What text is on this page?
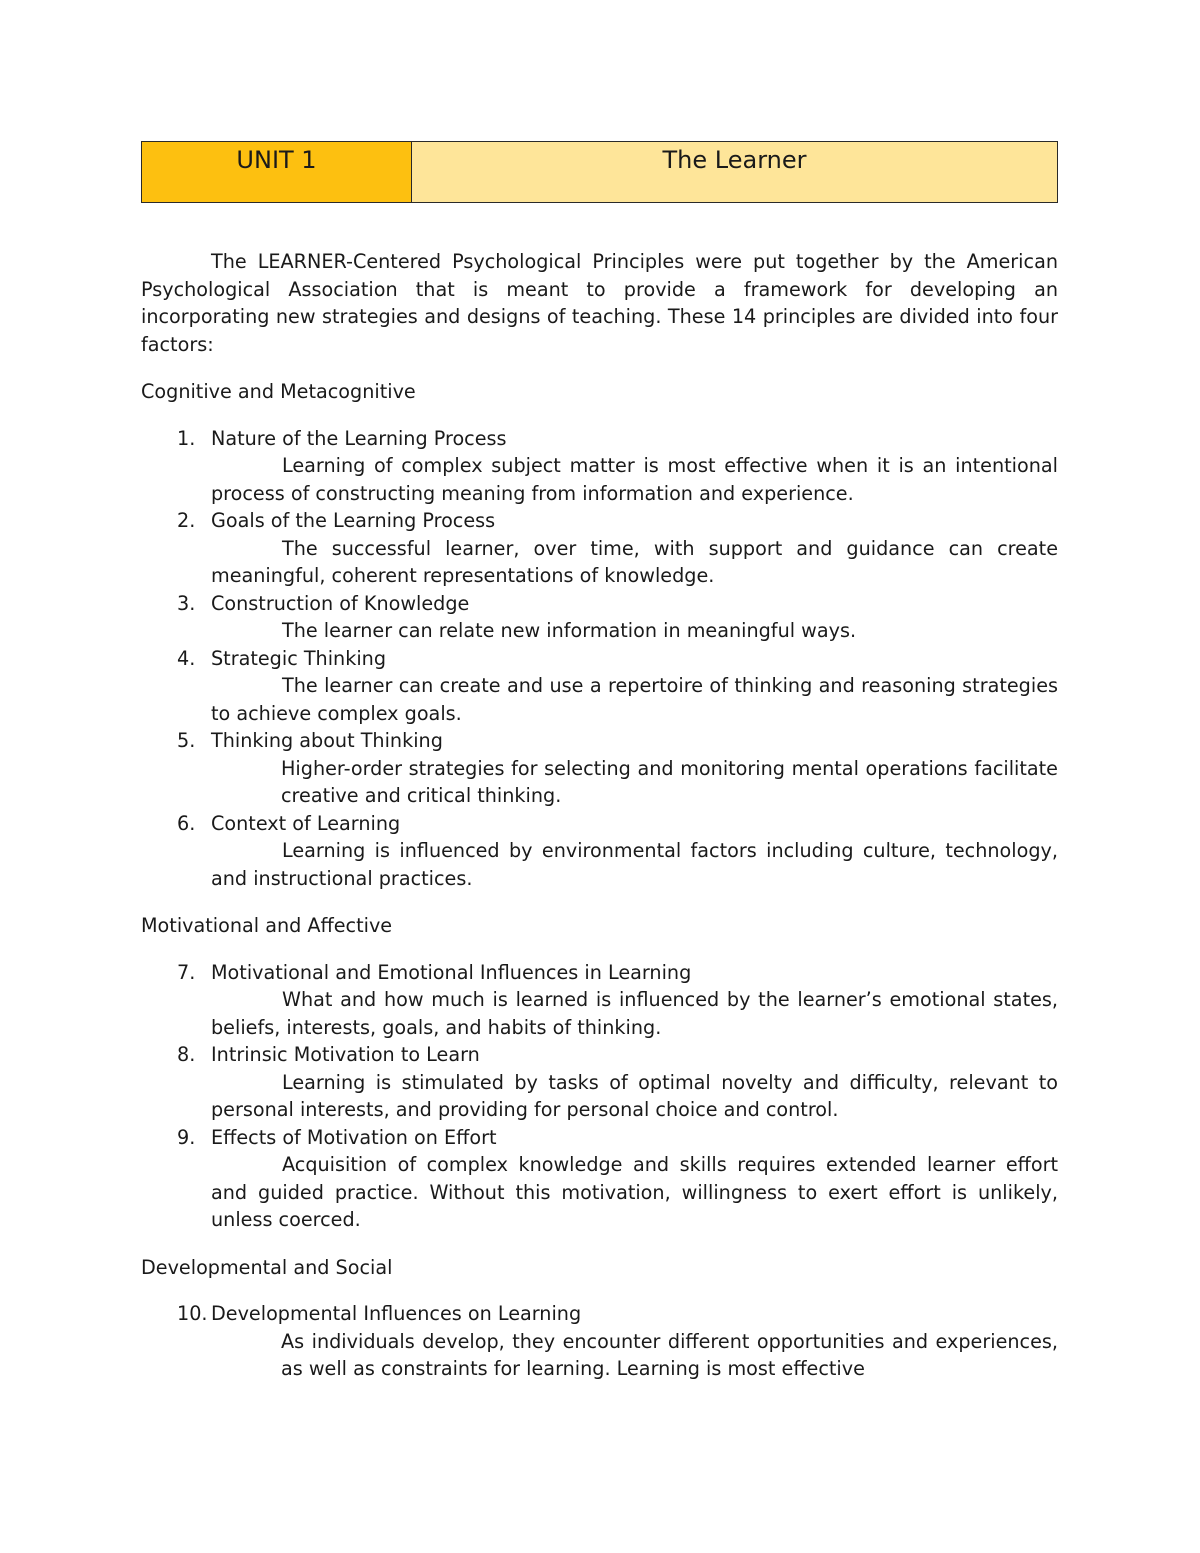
UNIT 1	The Learner

The LEARNER-Centered Psychological Principles were put together by the American Psychological Association that is meant to provide a framework for developing an incorporating new strategies and designs of teaching. These 14 principles are divided into four factors:

Cognitive and Metacognitive
1. Nature of the Learning Process
Learning of complex subject matter is most effective when it is an intentional process of constructing meaning from information and experience.
2. Goals of the Learning Process
The successful learner, over time, with support and guidance can create meaningful, coherent representations of knowledge.
3. Construction of Knowledge
The learner can relate new information in meaningful ways.
4. Strategic Thinking
The learner can create and use a repertoire of thinking and reasoning strategies to achieve complex goals.
5. Thinking about Thinking
Higher-order strategies for selecting and monitoring mental operations facilitate creative and critical thinking.
6. Context of Learning
Learning is influenced by environmental factors including culture, technology, and instructional practices.
Motivational and Affective
7. Motivational and Emotional Influences in Learning
What and how much is learned is influenced by the learner’s emotional states, beliefs, interests, goals, and habits of thinking.
8. Intrinsic Motivation to Learn
Learning is stimulated by tasks of optimal novelty and difficulty, relevant to personal interests, and providing for personal choice and control.
9. Effects of Motivation on Effort
Acquisition of complex knowledge and skills requires extended learner effort and guided practice. Without this motivation, willingness to exert effort is unlikely, unless coerced.
Developmental and Social
10. Developmental Influences on Learning
As individuals develop, they encounter different opportunities and experiences, as well as constraints for learning. Learning is most effective
